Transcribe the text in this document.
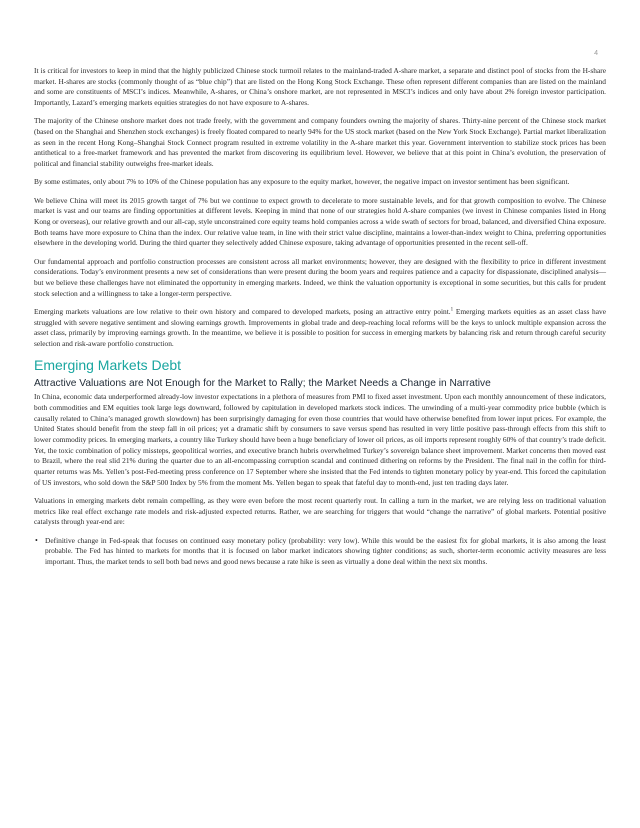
4

It is critical for investors to keep in mind that the highly publicized Chinese stock turmoil relates to the mainland-traded A-share market, a separate and distinct pool of stocks from the H-share market. H-shares are stocks (commonly thought of as “blue chip”) that are listed on the Hong Kong Stock Exchange. These often represent different companies than are listed on the mainland and some are constituents of MSCI’s indices. Meanwhile, A-shares, or China’s onshore market, are not represented in MSCI’s indices and only have about 2% foreign investor participation. Importantly, Lazard’s emerging markets equities strategies do not have exposure to A-shares.

The majority of the Chinese onshore market does not trade freely, with the government and company founders owning the majority of shares. Thirty-nine percent of the Chinese stock market (based on the Shanghai and Shenzhen stock exchanges) is freely floated compared to nearly 94% for the US stock market (based on the New York Stock Exchange). Partial market liberalization as seen in the recent Hong Kong–Shanghai Stock Connect program resulted in extreme volatility in the A-share market this year. Government intervention to stabilize stock prices has been antithetical to a free-market framework and has prevented the market from discovering its equilibrium level. However, we believe that at this point in China’s evolution, the preservation of political and financial stability outweighs free-market ideals.

By some estimates, only about 7% to 10% of the Chinese population has any exposure to the equity market, however, the negative impact on investor sentiment has been significant.

We believe China will meet its 2015 growth target of 7% but we continue to expect growth to decelerate to more sustainable levels, and for that growth composition to evolve. The Chinese market is vast and our teams are finding opportunities at different levels. Keeping in mind that none of our strategies hold A-share companies (we invest in Chinese companies listed in Hong Kong or overseas), our relative growth and our all-cap, style unconstrained core equity teams hold companies across a wide swath of sectors for broad, balanced, and diversified China exposure. Both teams have more exposure to China than the index. Our relative value team, in line with their strict value discipline, maintains a lower-than-index weight to China, preferring opportunities elsewhere in the developing world. During the third quarter they selectively added Chinese exposure, taking advantage of opportunities presented in the recent sell-off.

Our fundamental approach and portfolio construction processes are consistent across all market environments; however, they are designed with the flexibility to price in different investment considerations. Today’s environment presents a new set of considerations than were present during the boom years and requires patience and a capacity for dispassionate, disciplined analysis—but we believe these challenges have not eliminated the opportunity in emerging markets. Indeed, we think the valuation opportunity is exceptional in some securities, but this calls for prudent stock selection and a willingness to take a longer-term perspective.

Emerging markets valuations are low relative to their own history and compared to developed markets, posing an attractive entry point.$^1$ Emerging markets equities as an asset class have struggled with severe negative sentiment and slowing earnings growth. Improvements in global trade and deep-reaching local reforms will be the keys to unlock multiple expansion across the asset class, primarily by improving earnings growth. In the meantime, we believe it is possible to position for success in emerging markets by balancing risk and return through careful security selection and risk-aware portfolio construction.

Emerging Markets Debt
Attractive Valuations are Not Enough for the Market to Rally; the Market Needs a Change in Narrative

In China, economic data underperformed already-low investor expectations in a plethora of measures from PMI to fixed asset investment. Upon each monthly announcement of these indicators, both commodities and EM equities took large legs downward, followed by capitulation in developed markets stock indices. The unwinding of a multi-year commodity price bubble (which is causally related to China’s managed growth slowdown) has been surprisingly damaging for even those countries that would have otherwise benefited from lower input prices. For example, the United States should benefit from the steep fall in oil prices; yet a dramatic shift by consumers to save versus spend has resulted in very little positive pass-through effects from this shift to lower commodity prices. In emerging markets, a country like Turkey should have been a huge beneficiary of lower oil prices, as oil imports represent roughly 60% of that country’s trade deficit. Yet, the toxic combination of policy missteps, geopolitical worries, and executive branch hubris overwhelmed Turkey’s sovereign balance sheet improvement. Market concerns then moved east to Brazil, where the real slid 21% during the quarter due to an all-encompassing corruption scandal and continued dithering on reforms by the President. The final nail in the coffin for third-quarter returns was Ms. Yellen’s post-Fed-meeting press conference on 17 September where she insisted that the Fed intends to tighten monetary policy by year-end. This forced the capitulation of US investors, who sold down the S&P 500 Index by 5% from the moment Ms. Yellen began to speak that fateful day to month-end, just ten trading days later.

Valuations in emerging markets debt remain compelling, as they were even before the most recent quarterly rout. In calling a turn in the market, we are relying less on traditional valuation metrics like real effect exchange rate models and risk-adjusted expected returns. Rather, we are searching for triggers that would “change the narrative” of global markets. Potential positive catalysts through year-end are:

• Definitive change in Fed-speak that focuses on continued easy monetary policy (probability: very low). While this would be the easiest fix for global markets, it is also among the least probable. The Fed has hinted to markets for months that it is focused on labor market indicators showing tighter conditions; as such, shorter-term economic activity measures are less important. Thus, the market tends to sell both bad news and good news because a rate hike is seen as virtually a done deal within the next six months.
